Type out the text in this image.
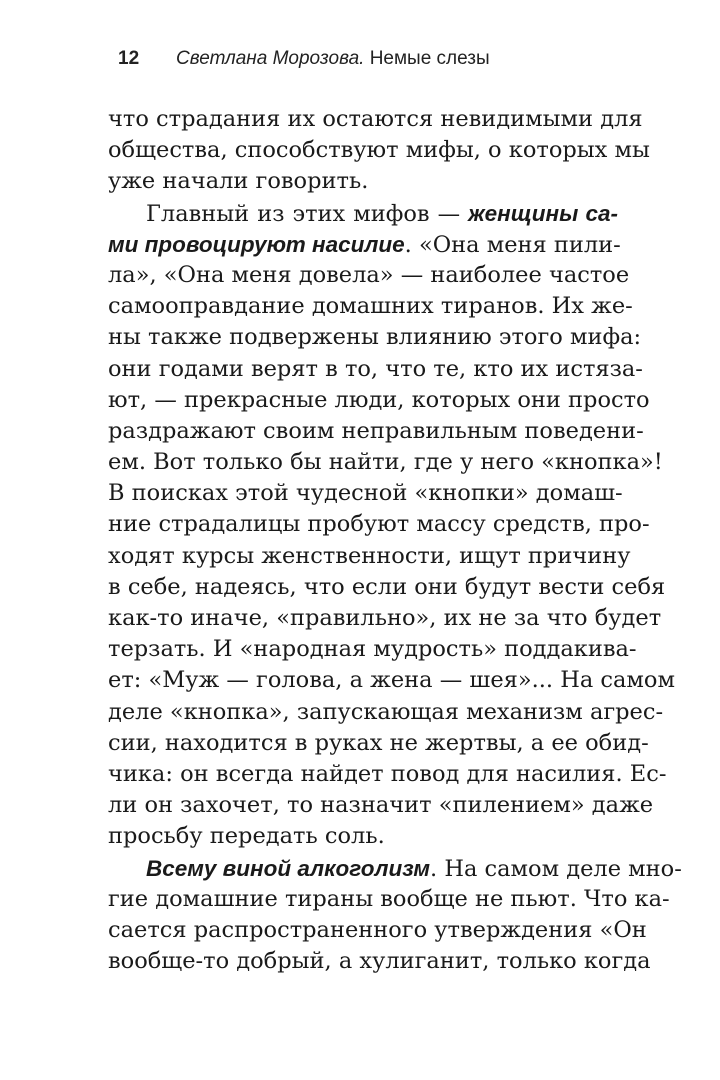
12 Светлана Морозова. Немые слезы
что страдания их остаются невидимыми для
общества, способствуют мифы, о которых мы
уже начали говорить.
Главный из этих мифов — женщины са-
ми провоцируют насилие. «Она меня пили-
ла», «Она меня довела» — наиболее частое
самооправдание домашних тиранов. Их же-
ны также подвержены влиянию этого мифа:
они годами верят в то, что те, кто их истяза-
ют, — прекрасные люди, которых они просто
раздражают своим неправильным поведени-
ем. Вот только бы найти, где у него «кнопка»!
В поисках этой чудесной «кнопки» домаш-
ние страдалицы пробуют массу средств, про-
ходят курсы женственности, ищут причину
в себе, надеясь, что если они будут вести себя
как-то иначе, «правильно», их не за что будет
терзать. И «народная мудрость» поддакива-
ет: «Муж — голова, а жена — шея»... На самом
деле «кнопка», запускающая механизм агрес-
сии, находится в руках не жертвы, а ее обид-
чика: он всегда найдет повод для насилия. Ес-
ли он захочет, то назначит «пилением» даже
просьбу передать соль.
Всему виной алкоголизм. На самом деле мно-
гие домашние тираны вообще не пьют. Что ка-
сается распространенного утверждения «Он
вообще-то добрый, а хулиганит, только когда
